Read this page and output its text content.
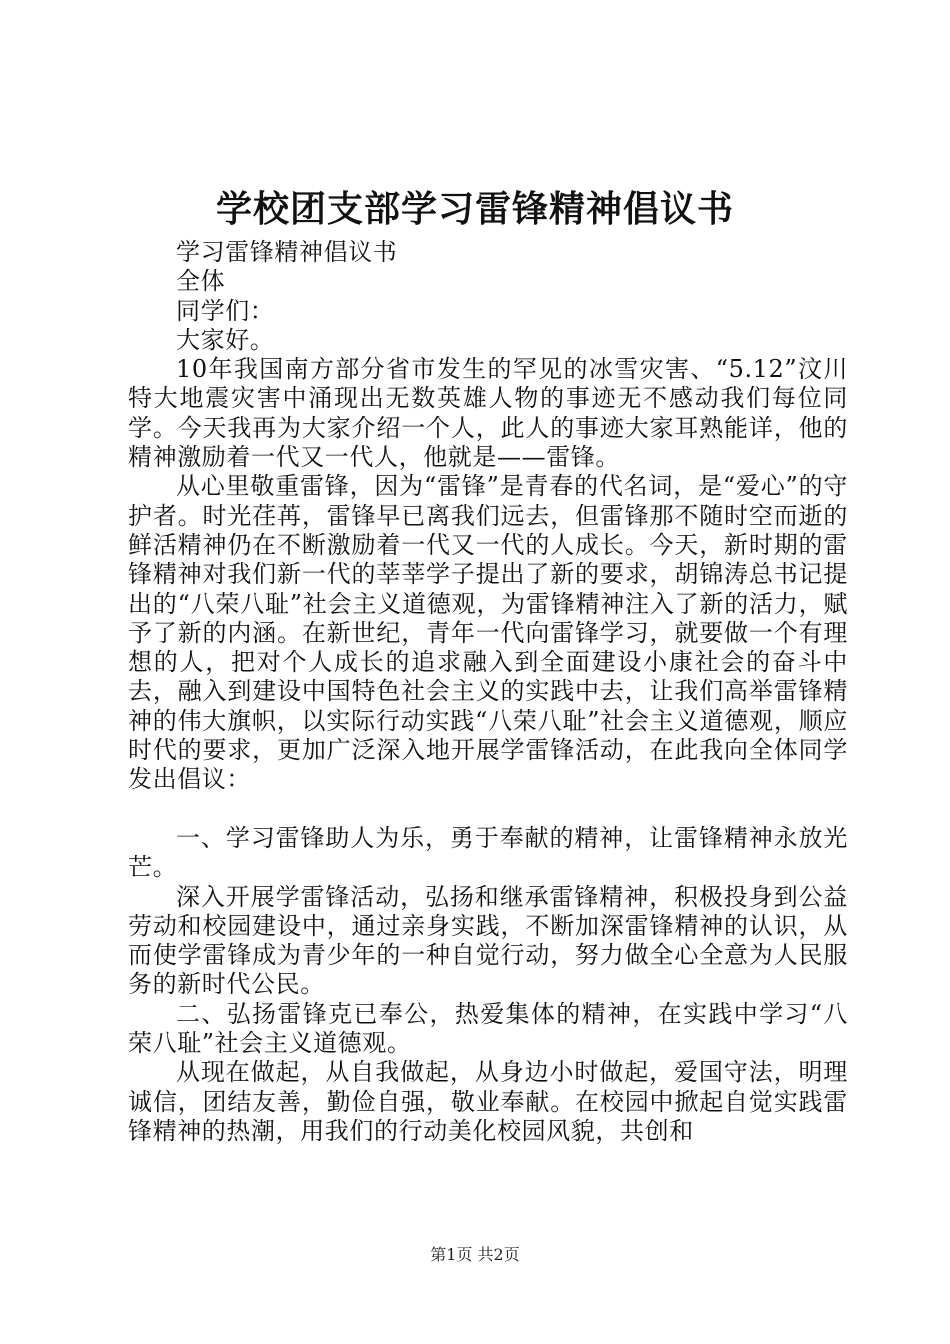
学校团支部学习雷锋精神倡议书

学习雷锋精神倡议书

全体

同学们：

大家好。

10年我国南方部分省市发生的罕见的冰雪灾害、“5.12”汶川特大地震灾害中涌现出无数英雄人物的事迹无不感动我们每位同学。今天我再为大家介绍一个人，此人的事迹大家耳熟能详，他的精神激励着一代又一代人，他就是——雷锋。

从心里敬重雷锋，因为“雷锋”是青春的代名词，是“爱心”的守护者。时光荏苒，雷锋早已离我们远去，但雷锋那不随时空而逝的鲜活精神仍在不断激励着一代又一代的人成长。今天，新时期的雷锋精神对我们新一代的莘莘学子提出了新的要求，胡锦涛总书记提出的“八荣八耻”社会主义道德观，为雷锋精神注入了新的活力，赋予了新的内涵。在新世纪，青年一代向雷锋学习，就要做一个有理想的人，把对个人成长的追求融入到全面建设小康社会的奋斗中去，融入到建设中国特色社会主义的实践中去，让我们高举雷锋精神的伟大旗帜，以实际行动实践“八荣八耻”社会主义道德观，顺应时代的要求，更加广泛深入地开展学雷锋活动，在此我向全体同学发出倡议：

一、学习雷锋助人为乐，勇于奉献的精神，让雷锋精神永放光芒。

深入开展学雷锋活动，弘扬和继承雷锋精神，积极投身到公益劳动和校园建设中，通过亲身实践，不断加深雷锋精神的认识，从而使学雷锋成为青少年的一种自觉行动，努力做全心全意为人民服务的新时代公民。

二、弘扬雷锋克已奉公，热爱集体的精神，在实践中学习“八荣八耻”社会主义道德观。

从现在做起，从自我做起，从身边小时做起，爱国守法，明理诚信，团结友善，勤俭自强，敬业奉献。在校园中掀起自觉实践雷锋精神的热潮，用我们的行动美化校园风貌，共创和

第1页 共2页
